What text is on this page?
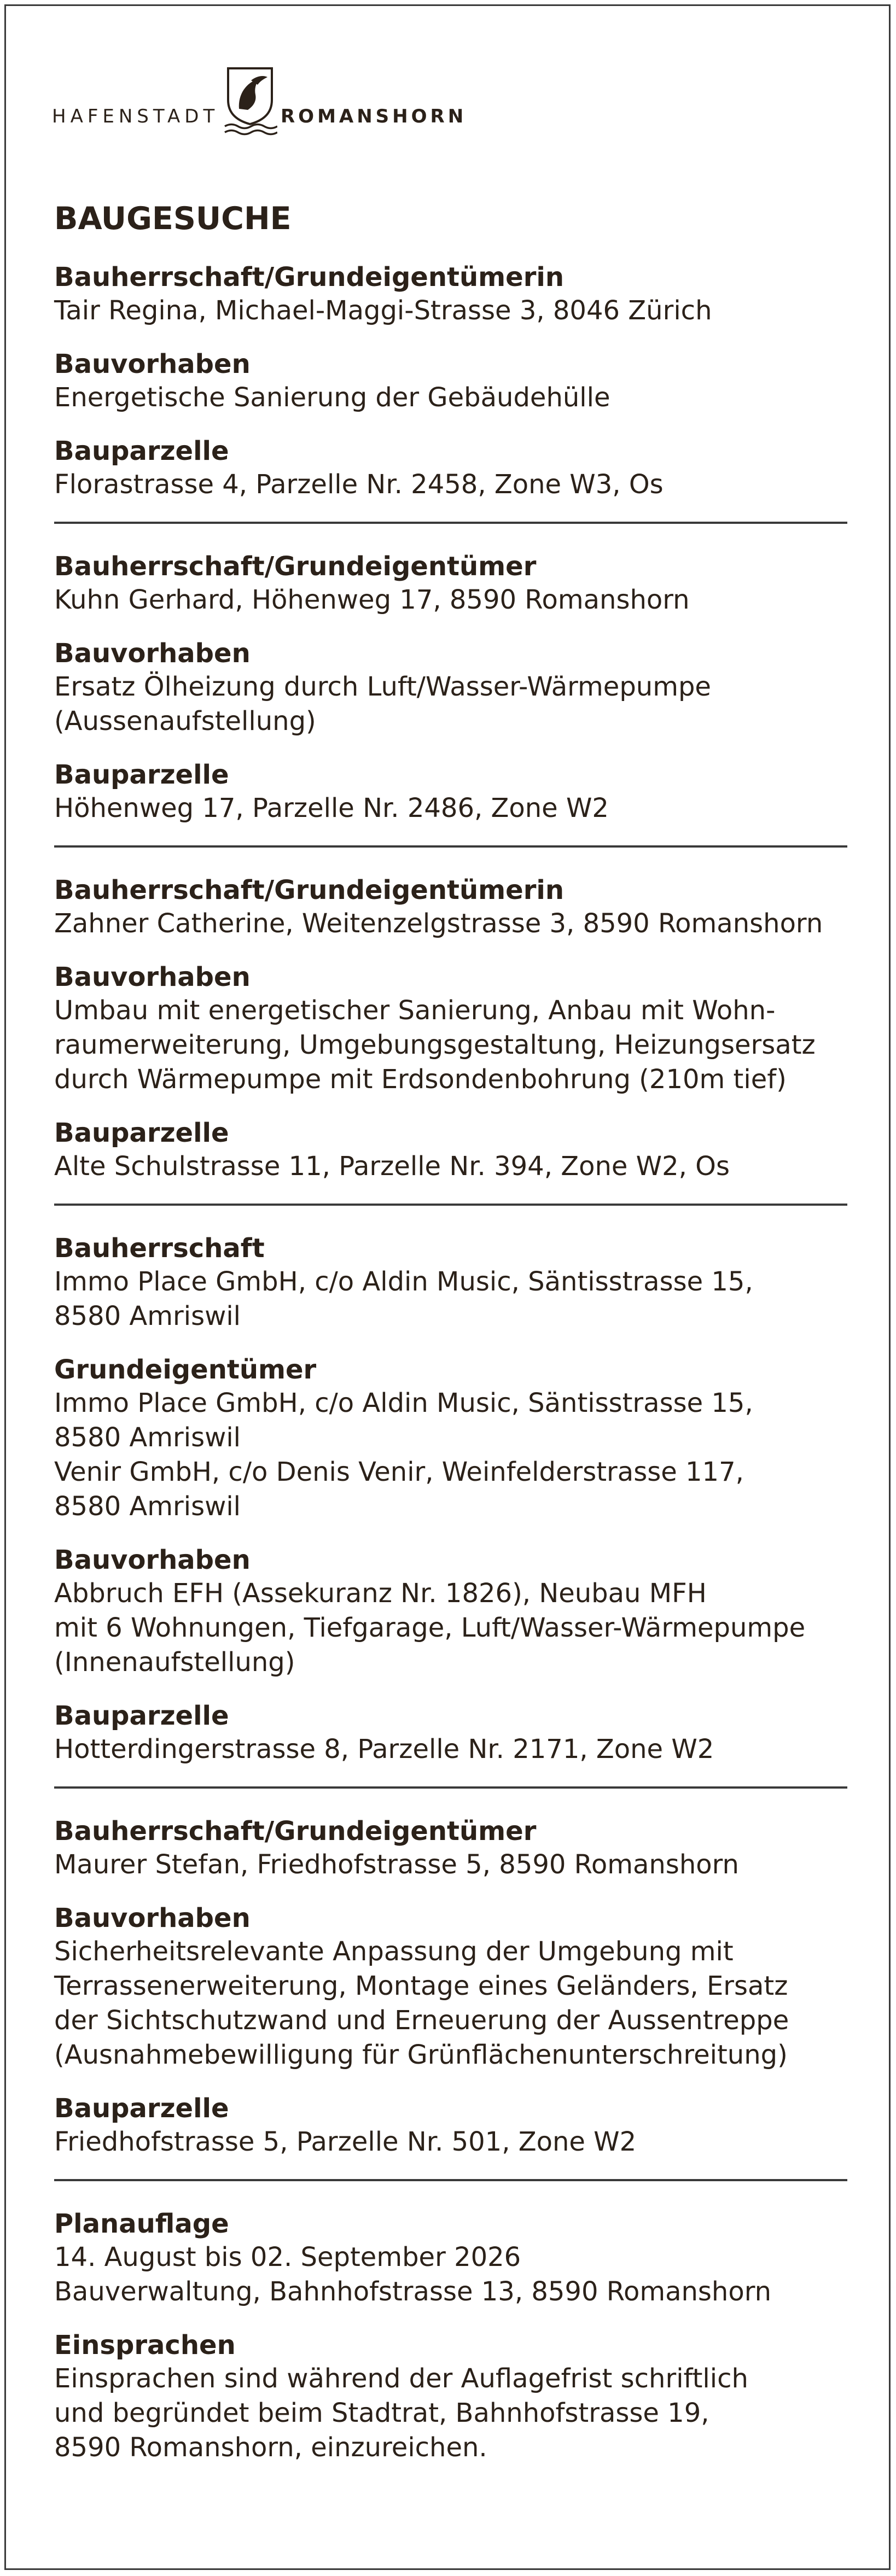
HAFENSTADT	ROMANSHORN
BAUGESUCHE
Bauherrschaft/Grundeigentümerin
Tair Regina, Michael-Maggi-Strasse 3, 8046 Zürich
Bauvorhaben
Energetische Sanierung der Gebäudehülle
Bauparzelle
Florastrasse 4, Parzelle Nr. 2458, Zone W3, Os
Bauherrschaft/Grundeigentümer
Kuhn Gerhard, Höhenweg 17, 8590 Romanshorn
Bauvorhaben
Ersatz Ölheizung durch Luft/Wasser-Wärmepumpe
(Aussenaufstellung)
Bauparzelle
Höhenweg 17, Parzelle Nr. 2486, Zone W2
Bauherrschaft/Grundeigentümerin
Zahner Catherine, Weitenzelgstrasse 3, 8590 Romanshorn
Bauvorhaben
Umbau mit energetischer Sanierung, Anbau mit Wohn-
raumerweiterung, Umgebungsgestaltung, Heizungsersatz
durch Wärmepumpe mit Erdsondenbohrung (210m tief)
Bauparzelle
Alte Schulstrasse 11, Parzelle Nr. 394, Zone W2, Os
Bauherrschaft
Immo Place GmbH, c/o Aldin Music, Säntisstrasse 15,
8580 Amriswil
Grundeigentümer
Immo Place GmbH, c/o Aldin Music, Säntisstrasse 15,
8580 Amriswil
Venir GmbH, c/o Denis Venir, Weinfelderstrasse 117,
8580 Amriswil
Bauvorhaben
Abbruch EFH (Assekuranz Nr. 1826), Neubau MFH
mit 6 Wohnungen, Tiefgarage, Luft/Wasser-Wärmepumpe
(Innenaufstellung)
Bauparzelle
Hotterdingerstrasse 8, Parzelle Nr. 2171, Zone W2
Bauherrschaft/Grundeigentümer
Maurer Stefan, Friedhofstrasse 5, 8590 Romanshorn
Bauvorhaben
Sicherheitsrelevante Anpassung der Umgebung mit
Terrassenerweiterung, Montage eines Geländers, Ersatz
der Sichtschutzwand und Erneuerung der Aussentreppe
(Ausnahmebewilligung für Grünflächenunterschreitung)
Bauparzelle
Friedhofstrasse 5, Parzelle Nr. 501, Zone W2
Planauflage
14. August bis 02. September 2026
Bauverwaltung, Bahnhofstrasse 13, 8590 Romanshorn
Einsprachen
Einsprachen sind während der Auflagefrist schriftlich
und begründet beim Stadtrat, Bahnhofstrasse 19,
8590 Romanshorn, einzureichen.
